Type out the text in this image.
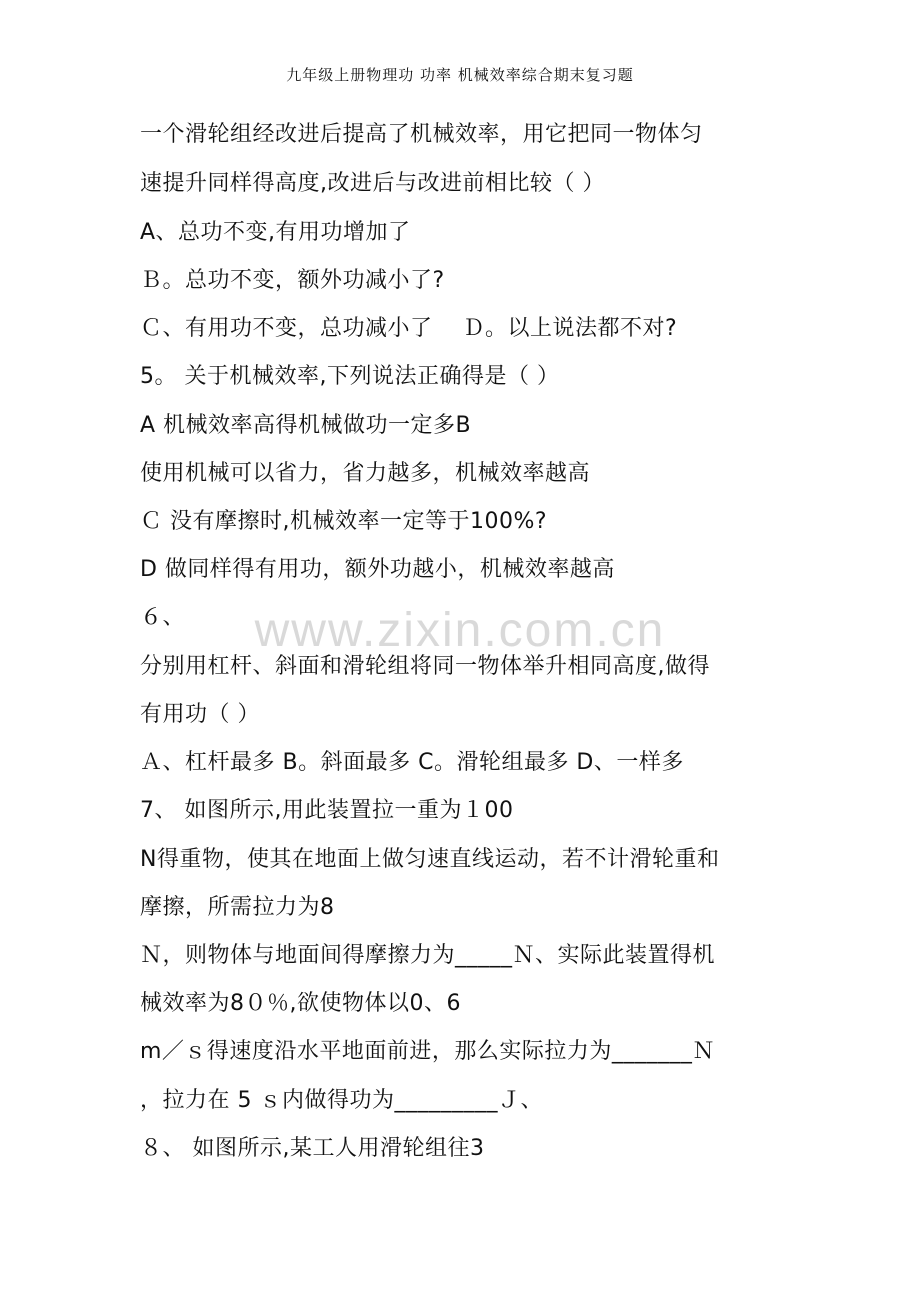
九年级上册物理功 功率 机械效率综合期末复习题
www.zixin.com.cn
一个滑轮组经改进后提高了机械效率，用它把同一物体匀
速提升同样得高度,改进后与改进前相比较（ ）
A、总功不变,有用功增加了
Ｂ。总功不变，额外功减小了?
Ｃ、有用功不变，总功减小了　 Ｄ。以上说法都不对?
5。 关于机械效率,下列说法正确得是（ ）
A 机械效率高得机械做功一定多B
使用机械可以省力，省力越多，机械效率越高
Ｃ 没有摩擦时,机械效率一定等于100%?
D 做同样得有用功，额外功越小，机械效率越高
６、
分别用杠杆、斜面和滑轮组将同一物体举升相同高度,做得
有用功（ ）
Ａ、杠杆最多 B。斜面最多 C。滑轮组最多 D、一样多
7、 如图所示,用此装置拉一重为１00
N得重物，使其在地面上做匀速直线运动，若不计滑轮重和
摩擦，所需拉力为8
Ｎ，则物体与地面间得摩擦力为_____Ｎ、实际此装置得机
械效率为8０％,欲使物体以0、6
m／ｓ得速度沿水平地面前进，那么实际拉力为_______Ｎ
，拉力在 5 ｓ内做得功为_________Ｊ、
８、 如图所示,某工人用滑轮组往3
